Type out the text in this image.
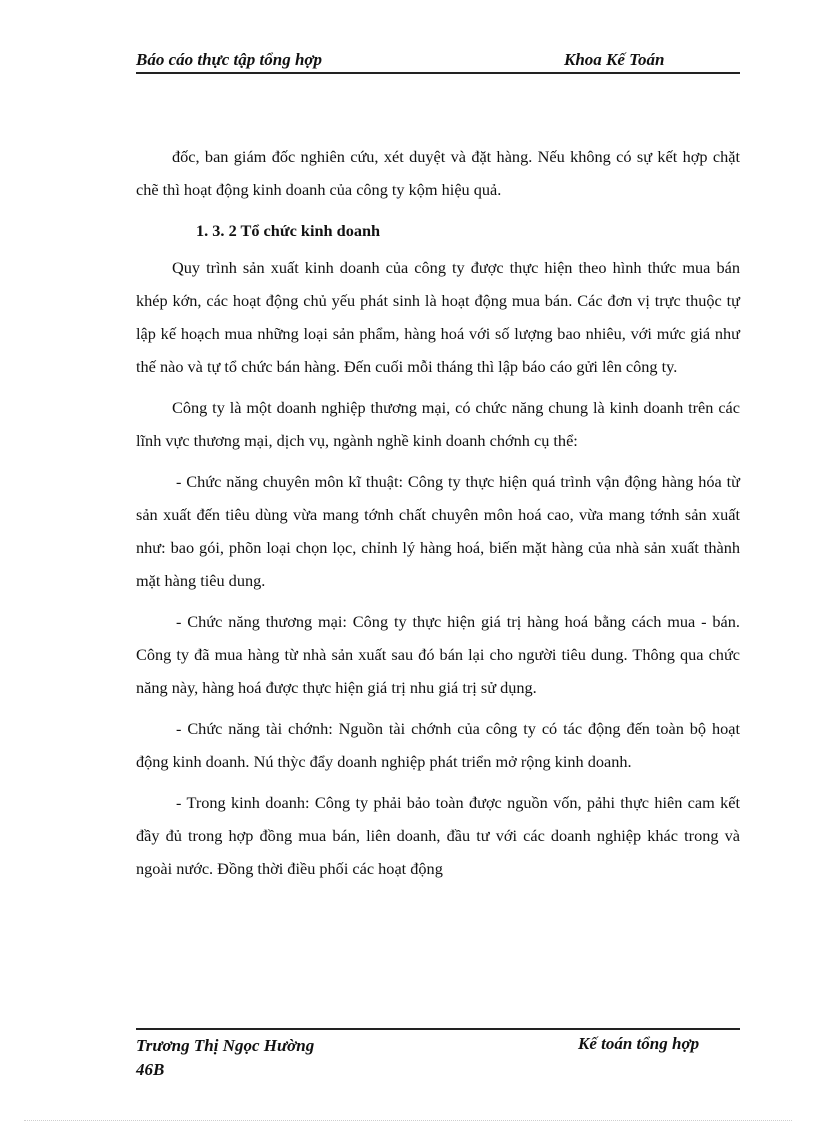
Báo cáo thực tập tổng hợp	Khoa Kế Toán

đốc, ban giám đốc nghiên cứu, xét duyệt và đặt hàng. Nếu không có sự kết hợp chặt chẽ thì hoạt động kinh doanh của công ty kộm hiệu quả.

1. 3. 2 Tổ chức kinh doanh

Quy trình sản xuất kinh doanh của công ty được thực hiện theo hình thức mua bán khép kớn, các hoạt động chủ yếu phát sinh là hoạt động mua bán. Các đơn vị trực thuộc tự lập kế hoạch mua những loại sản phẩm, hàng hoá với số lượng bao nhiêu, với mức giá như thế nào và tự tổ chức bán hàng. Đến cuối mỗi tháng thì lập báo cáo gửi lên công ty.

Công ty là một doanh nghiệp thương mại, có chức năng chung là kinh doanh trên các lĩnh vực thương mại, dịch vụ, ngành nghề kinh doanh chớnh cụ thể:

- Chức năng chuyên môn kĩ thuật: Công ty thực hiện quá trình vận động hàng hóa từ sản xuất đến tiêu dùng vừa mang tớnh chất chuyên môn hoá cao, vừa mang tớnh sản xuất như: bao gói, phõn loại chọn lọc, chỉnh lý hàng hoá, biến mặt hàng của nhà sản xuất thành mặt hàng tiêu dung.

- Chức năng thương mại: Công ty thực hiện giá trị hàng hoá bằng cách mua - bán. Công ty đã mua hàng từ nhà sản xuất sau đó bán lại cho người tiêu dung. Thông qua chức năng này, hàng hoá được thực hiện giá trị nhu giá trị sử dụng.

- Chức năng tài chớnh: Nguồn tài chớnh của công ty có tác động đến toàn bộ hoạt động kinh doanh. Nú thỳc đẩy doanh nghiệp phát triển mở rộng kinh doanh.

- Trong kinh doanh: Công ty phải bảo toàn được nguồn vốn, pảhi thực hiên cam kết đầy đủ trong hợp đồng mua bán, liên doanh, đầu tư với các doanh nghiệp khác trong và ngoài nước. Đồng thời điều phối các hoạt động

Trương Thị Ngọc Hường
46B
Kế toán tổng hợp
